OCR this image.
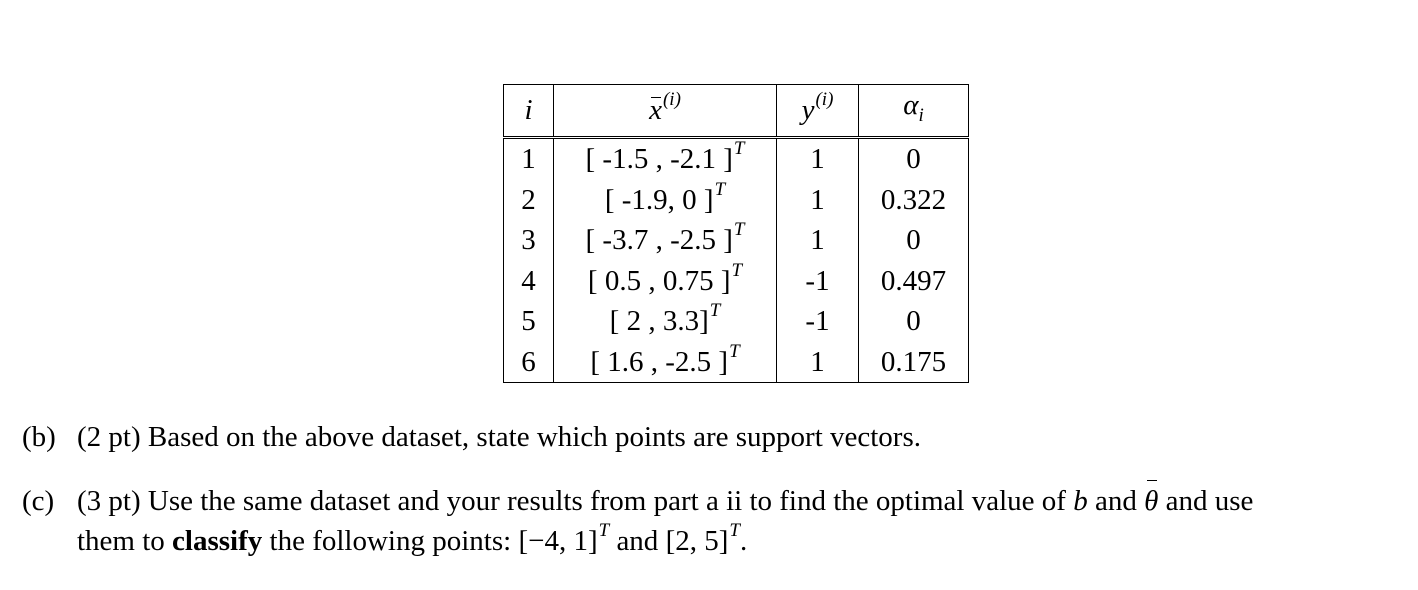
i	$x^{(i)}$	$y^{(i)}$	$\alpha_i$
1	[ -1.5 , -2.1 ]$^T$	1	0
2	[ -1.9, 0 ]$^T$	1	0.322
3	[ -3.7 , -2.5 ]$^T$	1	0
4	[ 0.5 , 0.75 ]$^T$	-1	0.497
5	[ 2 , 3.3]$^T$	-1	0
6	[ 1.6 , -2.5 ]$^T$	1	0.175
(b) (2 pt) Based on the above dataset, state which points are support vectors.
(c) (3 pt) Use the same dataset and your results from part a ii to find the optimal value of b and θ and use
them to classify the following points: [−4, 1]$^T$ and [2, 5]$^T$.
